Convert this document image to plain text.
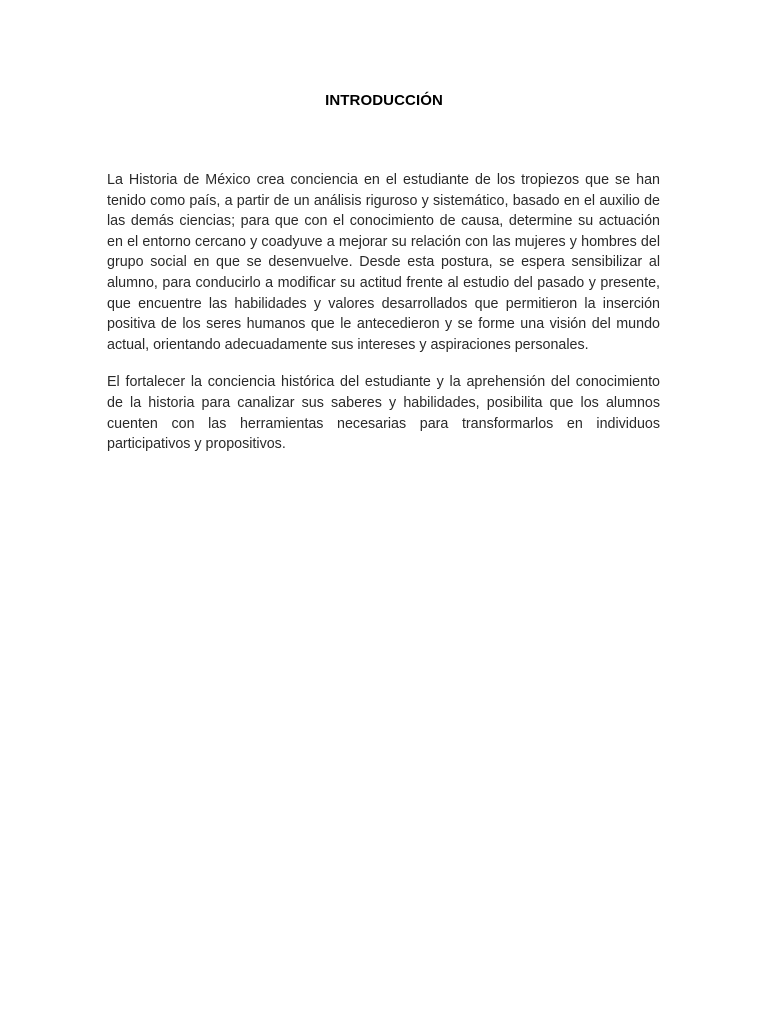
INTRODUCCIÓN

La Historia de México crea conciencia en el estudiante de los tropiezos que se han tenido como país, a partir de un análisis riguroso y sistemático, basado en el auxilio de las demás ciencias; para que con el conocimiento de causa, determine su actuación en el entorno cercano y coadyuve a mejorar su relación con las mujeres y hombres del grupo social en que se desenvuelve. Desde esta postura, se espera sensibilizar al alumno, para conducirlo a modificar su actitud frente al estudio del pasado y presente, que encuentre las habilidades y valores desarrollados que permitieron la inserción positiva de los seres humanos que le antecedieron y se forme una visión del mundo actual, orientando adecuadamente sus intereses y aspiraciones personales.

El fortalecer la conciencia histórica del estudiante y la aprehensión del conocimiento de la historia para canalizar sus saberes y habilidades, posibilita que los alumnos cuenten con las herramientas necesarias para transformarlos en individuos participativos y propositivos.
